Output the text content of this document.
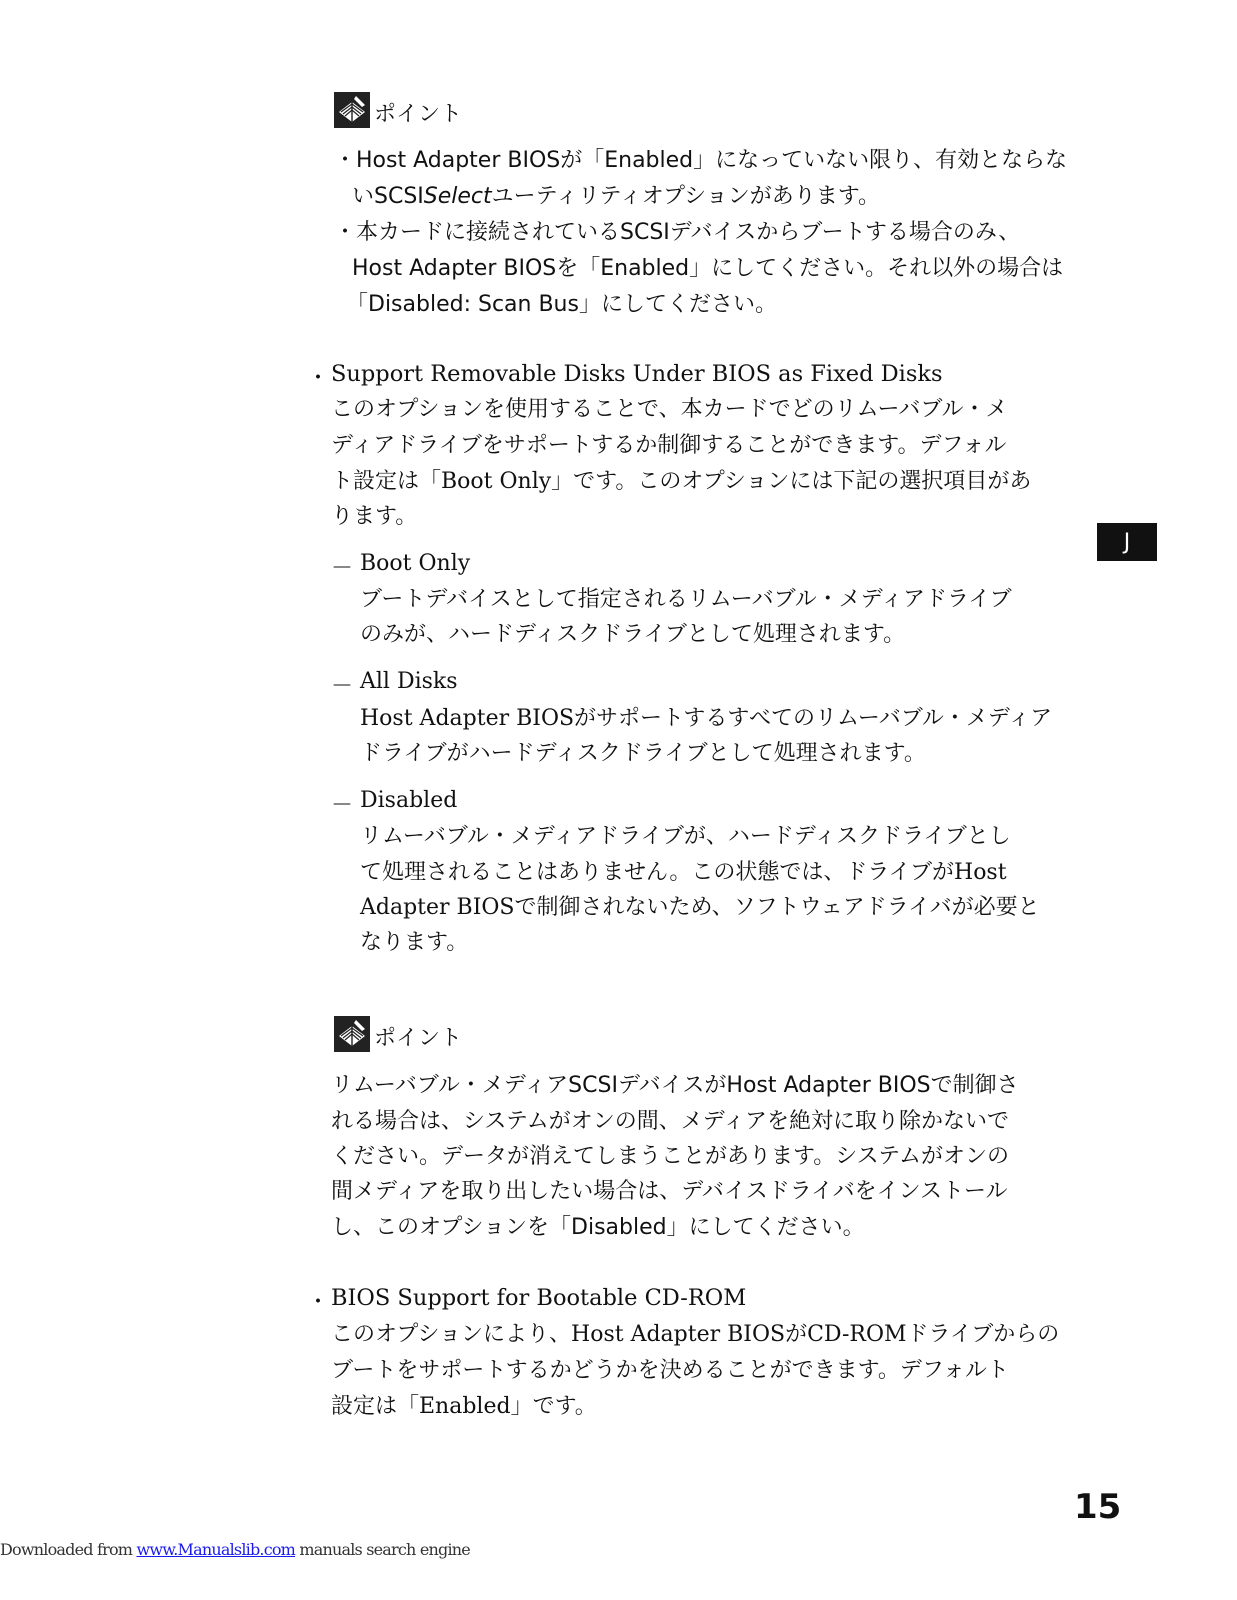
ポイント
・Host Adapter BIOSが「Enabled」になっていない限り、有効とならな
いSCSISelectユーティリティオプションがあります。
・本カードに接続されているSCSIデバイスからブートする場合のみ、
Host Adapter BIOSを「Enabled」にしてください。それ以外の場合は
「Disabled: Scan Bus」にしてください。
・ Support Removable Disks Under BIOS as Fixed Disks
このオプションを使用することで、本カードでどのリムーバブル・メ
ディアドライブをサポートするか制御することができます。デフォル
ト設定は「Boot Only」です。このオプションには下記の選択項目があ
ります。
－ Boot Only
ブートデバイスとして指定されるリムーバブル・メディアドライブ
のみが、ハードディスクドライブとして処理されます。
－ All Disks
Host Adapter BIOSがサポートするすべてのリムーバブル・メディア
ドライブがハードディスクドライブとして処理されます。
－ Disabled
リムーバブル・メディアドライブが、ハードディスクドライブとし
て処理されることはありません。この状態では、ドライブがHost
Adapter BIOSで制御されないため、ソフトウェアドライバが必要と
なります。
ポイント
リムーバブル・メディアSCSIデバイスがHost Adapter BIOSで制御さ
れる場合は、システムがオンの間、メディアを絶対に取り除かないで
ください。データが消えてしまうことがあります。システムがオンの
間メディアを取り出したい場合は、デバイスドライバをインストール
し、このオプションを「Disabled」にしてください。
・ BIOS Support for Bootable CD-ROM
このオプションにより、Host Adapter BIOSがCD-ROMドライブからの
ブートをサポートするかどうかを決めることができます。デフォルト
設定は「Enabled」です。
J
15
Downloaded from www.Manualslib.com manuals search engine
